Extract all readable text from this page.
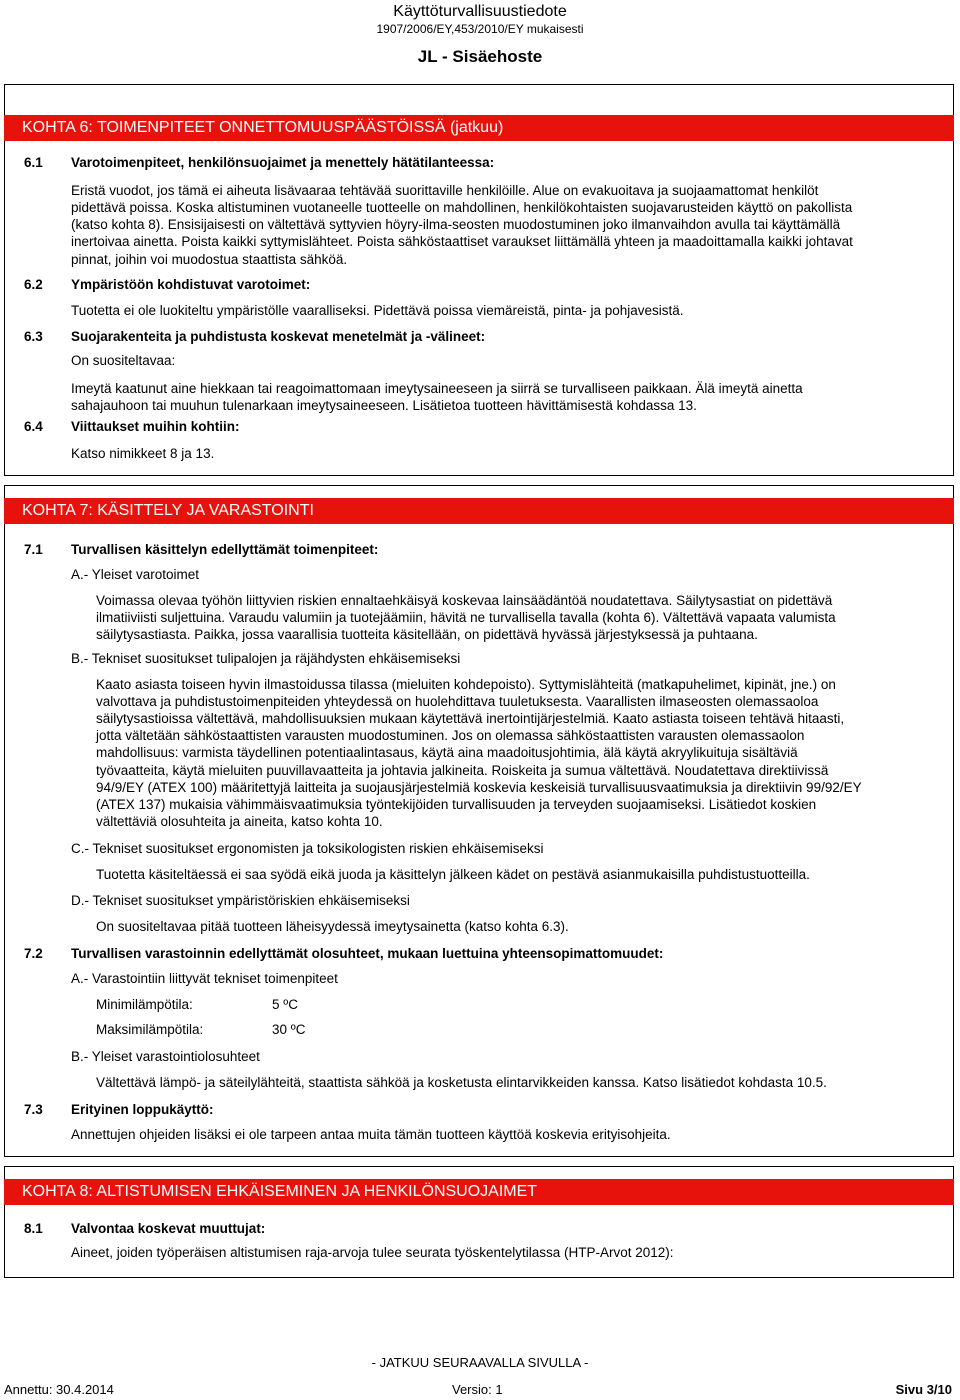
Käyttöturvallisuustiedote
1907/2006/EY,453/2010/EY mukaisesti
JL - Sisäehoste
KOHTA 6: TOIMENPITEET ONNETTOMUUSPÄÄSTÖISSÄ (jatkuu)
6.1 Varotoimenpiteet, henkilönsuojaimet ja menettely hätätilanteessa:
Eristä vuodot, jos tämä ei aiheuta lisävaaraa tehtävää suorittaville henkilöille. Alue on evakuoitava ja suojaamattomat henkilöt
pidettävä poissa. Koska altistuminen vuotaneelle tuotteelle on mahdollinen, henkilökohtaisten suojavarusteiden käyttö on pakollista
(katso kohta 8). Ensisijaisesti on vältettävä syttyvien höyry-ilma-seosten muodostuminen joko ilmanvaihdon avulla tai käyttämällä
inertoivaa ainetta. Poista kaikki syttymislähteet. Poista sähköstaattiset varaukset liittämällä yhteen ja maadoittamalla kaikki johtavat
pinnat, joihin voi muodostua staattista sähköä.
6.2 Ympäristöön kohdistuvat varotoimet:
Tuotetta ei ole luokiteltu ympäristölle vaaralliseksi. Pidettävä poissa viemäreistä, pinta- ja pohjavesistä.
6.3 Suojarakenteita ja puhdistusta koskevat menetelmät ja -välineet:
On suositeltavaa:
Imeytä kaatunut aine hiekkaan tai reagoimattomaan imeytysaineeseen ja siirrä se turvalliseen paikkaan. Älä imeytä ainetta
sahajauhoon tai muuhun tulenarkaan imeytysaineeseen. Lisätietoa tuotteen hävittämisestä kohdassa 13.
6.4 Viittaukset muihin kohtiin:
Katso nimikkeet 8 ja 13.
KOHTA 7: KÄSITTELY JA VARASTOINTI
7.1 Turvallisen käsittelyn edellyttämät toimenpiteet:
A.- Yleiset varotoimet
Voimassa olevaa työhön liittyvien riskien ennaltaehkäisyä koskevaa lainsäädäntöä noudatettava. Säilytysastiat on pidettävä
ilmatiiviisti suljettuina. Varaudu valumiin ja tuotejäämiin, hävitä ne turvallisella tavalla (kohta 6). Vältettävä vapaata valumista
säilytysastiasta. Paikka, jossa vaarallisia tuotteita käsitellään, on pidettävä hyvässä järjestyksessä ja puhtaana.
B.- Tekniset suositukset tulipalojen ja räjähdysten ehkäisemiseksi
Kaato asiasta toiseen hyvin ilmastoidussa tilassa (mieluiten kohdepoisto). Syttymislähteitä (matkapuhelimet, kipinät, jne.) on
valvottava ja puhdistustoimenpiteiden yhteydessä on huolehdittava tuuletuksesta. Vaarallisten ilmaseosten olemassaoloa
säilytysastioissa vältettävä, mahdollisuuksien mukaan käytettävä inertointijärjestelmiä. Kaato astiasta toiseen tehtävä hitaasti,
jotta vältetään sähköstaattisten varausten muodostuminen. Jos on olemassa sähköstaattisten varausten olemassaolon
mahdollisuus: varmista täydellinen potentiaalintasaus, käytä aina maadoitusjohtimia, älä käytä akryylikuituja sisältäviä
työvaatteita, käytä mieluiten puuvillavaatteita ja johtavia jalkineita. Roiskeita ja sumua vältettävä. Noudatettava direktiivissä
94/9/EY (ATEX 100) määritettyjä laitteita ja suojausjärjestelmiä koskevia keskeisiä turvallisuusvaatimuksia ja direktiivin 99/92/EY
(ATEX 137) mukaisia vähimmäisvaatimuksia työntekijöiden turvallisuuden ja terveyden suojaamiseksi. Lisätiedot koskien
vältettäviä olosuhteita ja aineita, katso kohta 10.
C.- Tekniset suositukset ergonomisten ja toksikologisten riskien ehkäisemiseksi
Tuotetta käsiteltäessä ei saa syödä eikä juoda ja käsittelyn jälkeen kädet on pestävä asianmukaisilla puhdistustuotteilla.
D.- Tekniset suositukset ympäristöriskien ehkäisemiseksi
On suositeltavaa pitää tuotteen läheisyydessä imeytysainetta (katso kohta 6.3).
7.2 Turvallisen varastoinnin edellyttämät olosuhteet, mukaan luettuina yhteensopimattomuudet:
A.- Varastointiin liittyvät tekniset toimenpiteet
Minimilämpötila:	5 ºC
Maksimilämpötila:	30 ºC
B.- Yleiset varastointiolosuhteet
Vältettävä lämpö- ja säteilylähteitä, staattista sähköä ja kosketusta elintarvikkeiden kanssa. Katso lisätiedot kohdasta 10.5.
7.3 Erityinen loppukäyttö:
Annettujen ohjeiden lisäksi ei ole tarpeen antaa muita tämän tuotteen käyttöä koskevia erityisohjeita.
KOHTA 8: ALTISTUMISEN EHKÄISEMINEN JA HENKILÖNSUOJAIMET
8.1 Valvontaa koskevat muuttujat:
Aineet, joiden työperäisen altistumisen raja-arvoja tulee seurata työskentelytilassa (HTP-Arvot 2012):
- JATKUU SEURAAVALLA SIVULLA -
Annettu: 30.4.2014	Versio: 1	Sivu 3/10
